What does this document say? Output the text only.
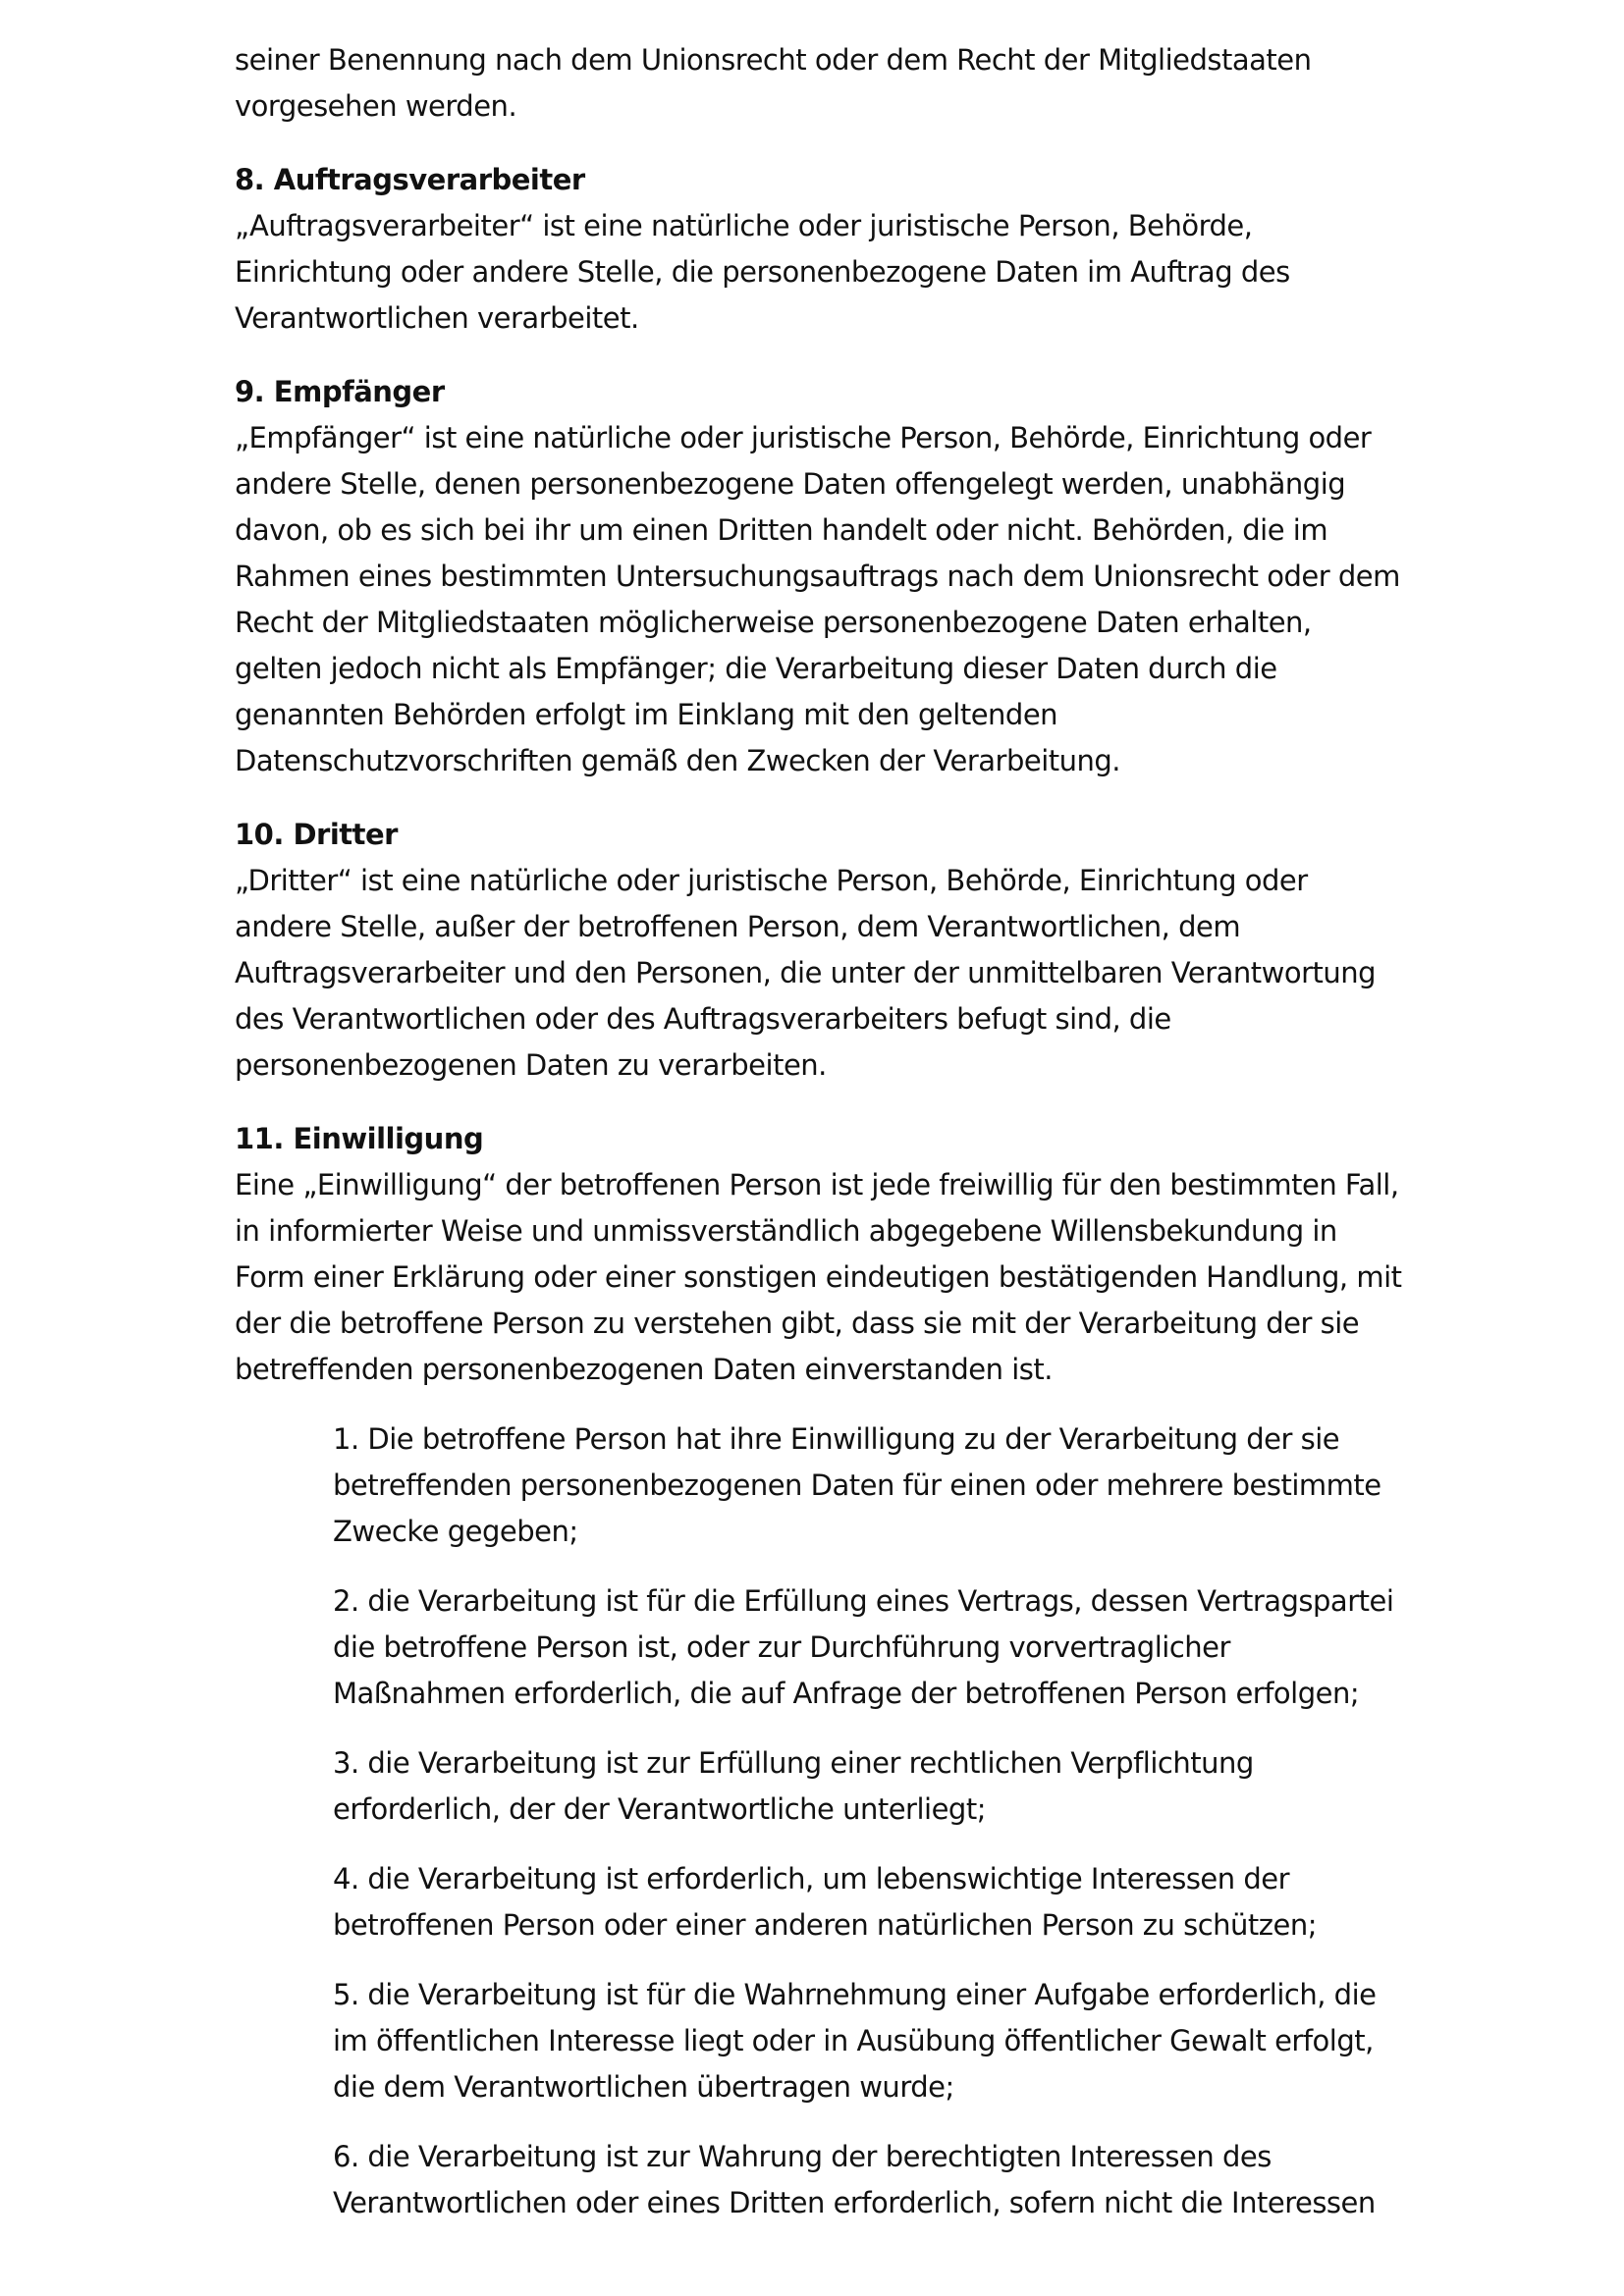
seiner Benennung nach dem Unionsrecht oder dem Recht der Mitgliedstaaten vorgesehen werden.

8. Auftragsverarbeiter

„Auftragsverarbeiter“ ist eine natürliche oder juristische Person, Behörde, Einrichtung oder andere Stelle, die personenbezogene Daten im Auftrag des Verantwortlichen verarbeitet.

9. Empfänger

„Empfänger“ ist eine natürliche oder juristische Person, Behörde, Einrichtung oder andere Stelle, denen personenbezogene Daten offengelegt werden, unabhängig davon, ob es sich bei ihr um einen Dritten handelt oder nicht. Behörden, die im Rahmen eines bestimmten Untersuchungsauftrags nach dem Unionsrecht oder dem Recht der Mitgliedstaaten möglicherweise personenbezogene Daten erhalten, gelten jedoch nicht als Empfänger; die Verarbeitung dieser Daten durch die genannten Behörden erfolgt im Einklang mit den geltenden Datenschutzvorschriften gemäß den Zwecken der Verarbeitung.

10. Dritter

„Dritter“ ist eine natürliche oder juristische Person, Behörde, Einrichtung oder andere Stelle, außer der betroffenen Person, dem Verantwortlichen, dem Auftragsverarbeiter und den Personen, die unter der unmittelbaren Verantwortung des Verantwortlichen oder des Auftragsverarbeiters befugt sind, die personenbezogenen Daten zu verarbeiten.

11. Einwilligung

Eine „Einwilligung“ der betroffenen Person ist jede freiwillig für den bestimmten Fall, in informierter Weise und unmissverständlich abgegebene Willensbekundung in Form einer Erklärung oder einer sonstigen eindeutigen bestätigenden Handlung, mit der die betroffene Person zu verstehen gibt, dass sie mit der Verarbeitung der sie betreffenden personenbezogenen Daten einverstanden ist.

1. Die betroffene Person hat ihre Einwilligung zu der Verarbeitung der sie betreffenden personenbezogenen Daten für einen oder mehrere bestimmte Zwecke gegeben;
2. die Verarbeitung ist für die Erfüllung eines Vertrags, dessen Vertragspartei die betroffene Person ist, oder zur Durchführung vorvertraglicher Maßnahmen erforderlich, die auf Anfrage der betroffenen Person erfolgen;
3. die Verarbeitung ist zur Erfüllung einer rechtlichen Verpflichtung erforderlich, der der Verantwortliche unterliegt;
4. die Verarbeitung ist erforderlich, um lebenswichtige Interessen der betroffenen Person oder einer anderen natürlichen Person zu schützen;
5. die Verarbeitung ist für die Wahrnehmung einer Aufgabe erforderlich, die im öffentlichen Interesse liegt oder in Ausübung öffentlicher Gewalt erfolgt, die dem Verantwortlichen übertragen wurde;
6. die Verarbeitung ist zur Wahrung der berechtigten Interessen des Verantwortlichen oder eines Dritten erforderlich, sofern nicht die Interessen
